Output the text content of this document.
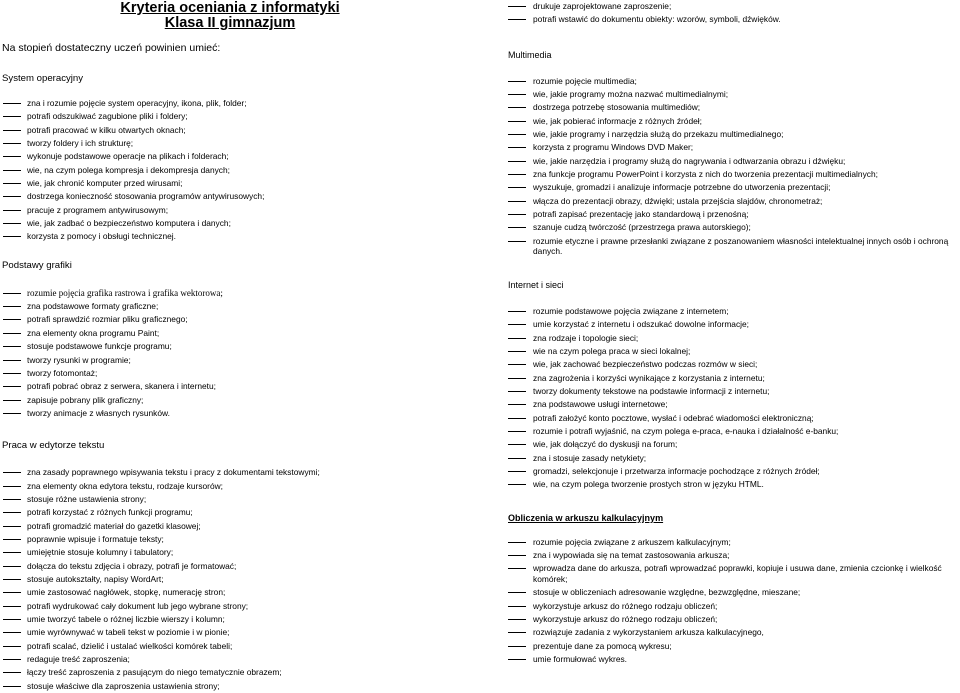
Kryteria oceniania z informatyki
Klasa II gimnazjum
Na stopień dostateczny uczeń powinien umieć:
System operacyjny
zna i rozumie pojęcie system operacyjny, ikona, plik, folder;
potrafi odszukiwać zagubione pliki i foldery;
potrafi pracować w kilku otwartych oknach;
tworzy foldery i ich strukturę;
wykonuje podstawowe operacje na plikach i folderach;
wie, na czym polega kompresja i dekompresja danych;
wie, jak chronić komputer przed wirusami;
dostrzega konieczność stosowania programów antywirusowych;
pracuje z programem antywirusowym;
wie, jak zadbać o bezpieczeństwo komputera i danych;
korzysta z pomocy i obsługi technicznej.
Podstawy grafiki
rozumie pojęcia grafika rastrowa i grafika wektorowa;
zna podstawowe formaty graficzne;
potrafi sprawdzić rozmiar pliku graficznego;
zna elementy okna programu Paint;
stosuje podstawowe funkcje programu;
tworzy rysunki w programie;
tworzy fotomontaż;
potrafi pobrać obraz z serwera, skanera i internetu;
zapisuje pobrany plik graficzny;
tworzy animacje z własnych rysunków.
Praca w edytorze tekstu
zna zasady poprawnego wpisywania tekstu i pracy z dokumentami tekstowymi;
zna elementy okna edytora tekstu, rodzaje kursorów;
stosuje różne ustawienia strony;
potrafi korzystać z różnych funkcji programu;
potrafi gromadzić materiał do gazetki klasowej;
poprawnie wpisuje i formatuje teksty;
umiejętnie stosuje kolumny i tabulatory;
dołącza do tekstu zdjęcia i obrazy, potrafi je formatować;
stosuje autokształty, napisy WordArt;
umie zastosować nagłówek, stopkę, numerację stron;
potrafi wydrukować cały dokument lub jego wybrane strony;
umie tworzyć tabele o różnej liczbie wierszy i kolumn;
umie wyrównywać w tabeli tekst w poziomie i w pionie;
potrafi scalać, dzielić i ustalać wielkości komórek tabeli;
redaguje treść zaproszenia;
łączy treść zaproszenia z pasującym do niego tematycznie obrazem;
stosuje właściwe dla zaproszenia ustawienia strony;
drukuje zaprojektowane zaproszenie;
potrafi wstawić do dokumentu obiekty: wzorów, symboli, dźwięków.
Multimedia
rozumie pojęcie multimedia;
wie, jakie programy można nazwać multimedialnymi;
dostrzega potrzebę stosowania multimediów;
wie, jak pobierać informacje z różnych źródeł;
wie, jakie programy i narzędzia służą do przekazu multimedialnego;
korzysta z programu Windows DVD Maker;
wie, jakie narzędzia i programy służą do nagrywania i odtwarzania obrazu i dźwięku;
zna funkcje programu PowerPoint i korzysta z nich do tworzenia prezentacji multimedialnych;
wyszukuje, gromadzi i analizuje informacje potrzebne do utworzenia prezentacji;
włącza do prezentacji obrazy, dźwięki; ustala przejścia slajdów, chronometraż;
potrafi zapisać prezentację jako standardową i przenośną;
szanuje cudzą twórczość (przestrzega prawa autorskiego);
rozumie etyczne i prawne przesłanki związane z poszanowaniem własności intelektualnej innych osób i ochroną danych.
Internet i sieci
rozumie podstawowe pojęcia związane z internetem;
umie korzystać z internetu i odszukać dowolne informacje;
zna rodzaje i topologie sieci;
wie na czym polega praca w sieci lokalnej;
wie, jak zachować bezpieczeństwo podczas rozmów w sieci;
zna zagrożenia i korzyści wynikające z korzystania z internetu;
tworzy dokumenty tekstowe na podstawie informacji z internetu;
zna podstawowe usługi internetowe;
potrafi założyć konto pocztowe, wysłać i odebrać wiadomości elektroniczną;
rozumie i potrafi wyjaśnić, na czym polega e-praca, e-nauka i działalność e-banku;
wie, jak dołączyć do dyskusji na forum;
zna i stosuje zasady netykiety;
gromadzi, selekcjonuje i przetwarza informacje pochodzące z różnych źródeł;
wie, na czym polega tworzenie prostych stron w języku HTML.
Obliczenia w arkuszu kalkulacyjnym
rozumie pojęcia związane z arkuszem kalkulacyjnym;
zna i wypowiada się na temat zastosowania arkusza;
wprowadza dane do arkusza, potrafi wprowadzać poprawki, kopiuje i usuwa dane, zmienia czcionkę i wielkość komórek;
stosuje w obliczeniach adresowanie względne, bezwzględne, mieszane;
wykorzystuje arkusz do różnego rodzaju obliczeń;
wykorzystuje arkusz do różnego rodzaju obliczeń;
rozwiązuje zadania z wykorzystaniem arkusza kalkulacyjnego,
prezentuje dane za pomocą wykresu;
umie formułować wykres.
